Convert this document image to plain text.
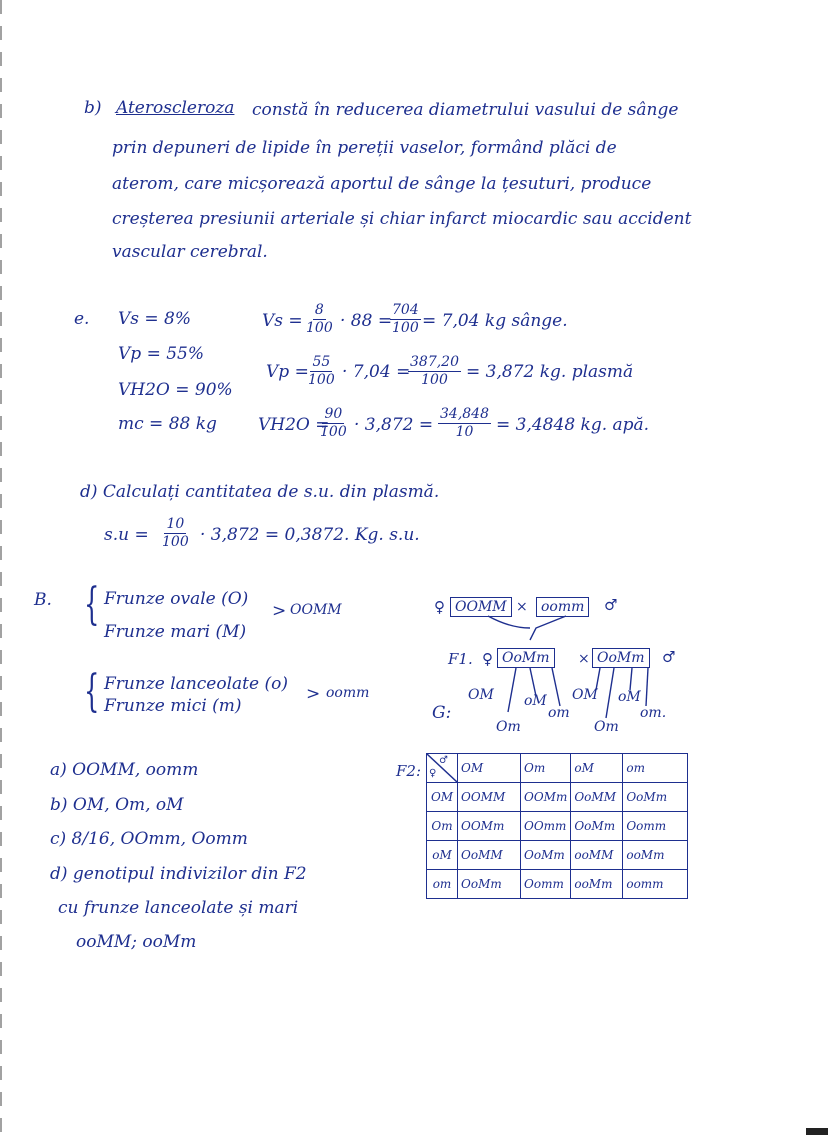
b) Ateroscleroza constă în reducerea diametrului vasului de sânge
prin depuneri de lipide în pereții vaselor, formând plăci de
aterom, care micșorează aportul de sânge la țesuturi, produce
creșterea presiunii arteriale și chiar infarct miocardic sau accident
vascular cerebral.
e. Vs = 8%
Vp = 55%
VH2O = 90%
mc = 88 kg
$Vs = \frac{8}{100} \cdot 88$ =
$\frac{704}{100} = 7,04$ kg sânge.
Vp =
$\frac{55}{100} \cdot 7,04$ =
$\frac{387,20}{100} = 3,872$ kg. plasmă
VH2O =
$\frac{90}{100} \cdot 3,872 = \frac{34,848}{10} = 3,4848$ kg. apă.
d) Calculați cantitatea de s.u. din plasmă.
$s.u = \frac{10}{100} \cdot 3,872 = 0,3872$. Kg. s.u.
B. { Frunze ovale (O)
Frunze mari (M)
> OOMM
{ Frunze lanceolate (o)
Frunze mici (m)
> oomm
♀ OOMM × oomm	♂
F1. ♀ OoMm	× OoMm	♂
G:
OM oM OM oM
Om
om
Om
om.
a) OOMM, oomm
b) OM, Om, oM
c) 8/16, OOmm, Oomm
d) genotipul indivizilor din F2
cu frunze lanceolate și mari
ooMM; ooMm
F2: ♀
♂	OM	Om	oM	om
OM	OOMM	OOMm	OoMM	OoMm
Om	OOMm	OOmm	OoMm	Oomm
oM	OoMM	OoMm	ooMM	ooMm
om	OoMm	Oomm	ooMm	oomm
